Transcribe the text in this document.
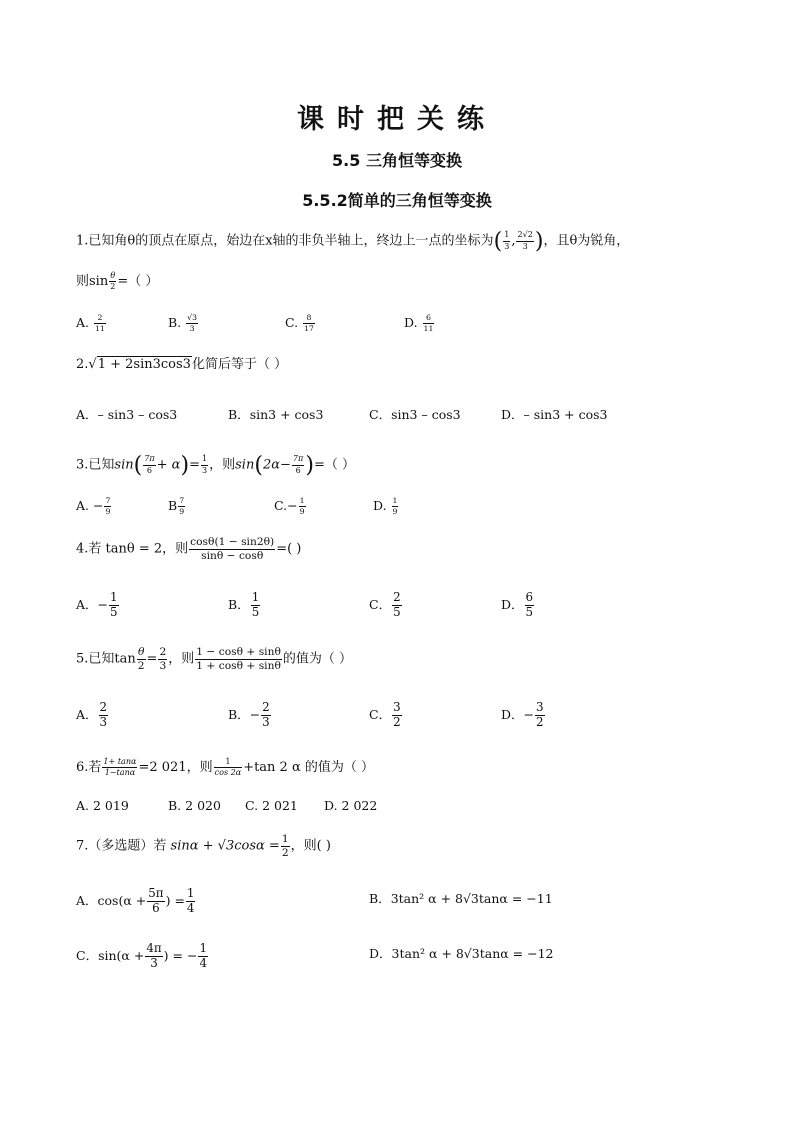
课时把关练
5.5 三角恒等变换
5.5.2简单的三角恒等变换
1.已知角θ的顶点在原点，始边在x轴的非负半轴上，终边上一点的坐标为( $\frac{1}{3}$ , $\frac{2√2}{3}$ )，且θ为锐角，
则$\sin \frac{\theta}{2}$ =（ ）
A. $\frac{2}{11}$	B. $\frac{√3}{3}$	C. $\frac{8}{17}$	D. $\frac{6}{11}$
2.√1 + 2sin3cos3化简后等于（ ）
A．– sin3 – cos3	B．sin3 + cos3	C．sin3 – cos3	D．– sin3 + cos3
3.已知$\sin( \frac{7\pi}{6} + \alpha)= \frac{1}{3}$ ，则$\sin(2\alpha- \frac{7\pi}{6}$ )=（ ）
A. − $\frac{7}{9}$	B $\frac{7}{9}$	$C.- \frac{1}{9}$	D. $\frac{1}{9}$
4.若 tanθ = 2，则 $\frac{\cos\theta(1 - \sin 2\theta)}{\sin\theta - \cos\theta}$ =( )
A．− $\frac{1}{5}$	B． $\frac{1}{5}$	C． $\frac{2}{5}$	D． $\frac{6}{5}$
5.已知$\tan \frac{\theta}{2} = \frac{2}{3}$ ，则 $\frac{1 - \cos\theta + \sin\theta}{1 + \cos\theta + \sin\theta}$ 的值为（ ）
A． $\frac{2}{3}$	B．− $\frac{2}{3}$	C． $\frac{3}{2}$	D．− $\frac{3}{2}$
6.若 $\frac{1+ \tan\alpha}{1-\tan\alpha} =2$ 021，则 $\frac{1}{\cos 2\alpha} +\tan$ 2 α 的值为（ ）
A. 2 019	B. 2 020 C. 2 021 D. 2 022
7.（多选题）若 $\sin\alpha + √3\cos\alpha = \frac{1}{2}$ ，则( )
A．$\cos(\alpha + \frac{5\pi}{6}$ ) = $\frac{1}{4}$	B．3tan² α + 8√3tanα = −11
C．$\sin(\alpha + \frac{4\pi}{3}$ ) = − $\frac{1}{4}$	D．3tan² α + 8√3tanα = −12
